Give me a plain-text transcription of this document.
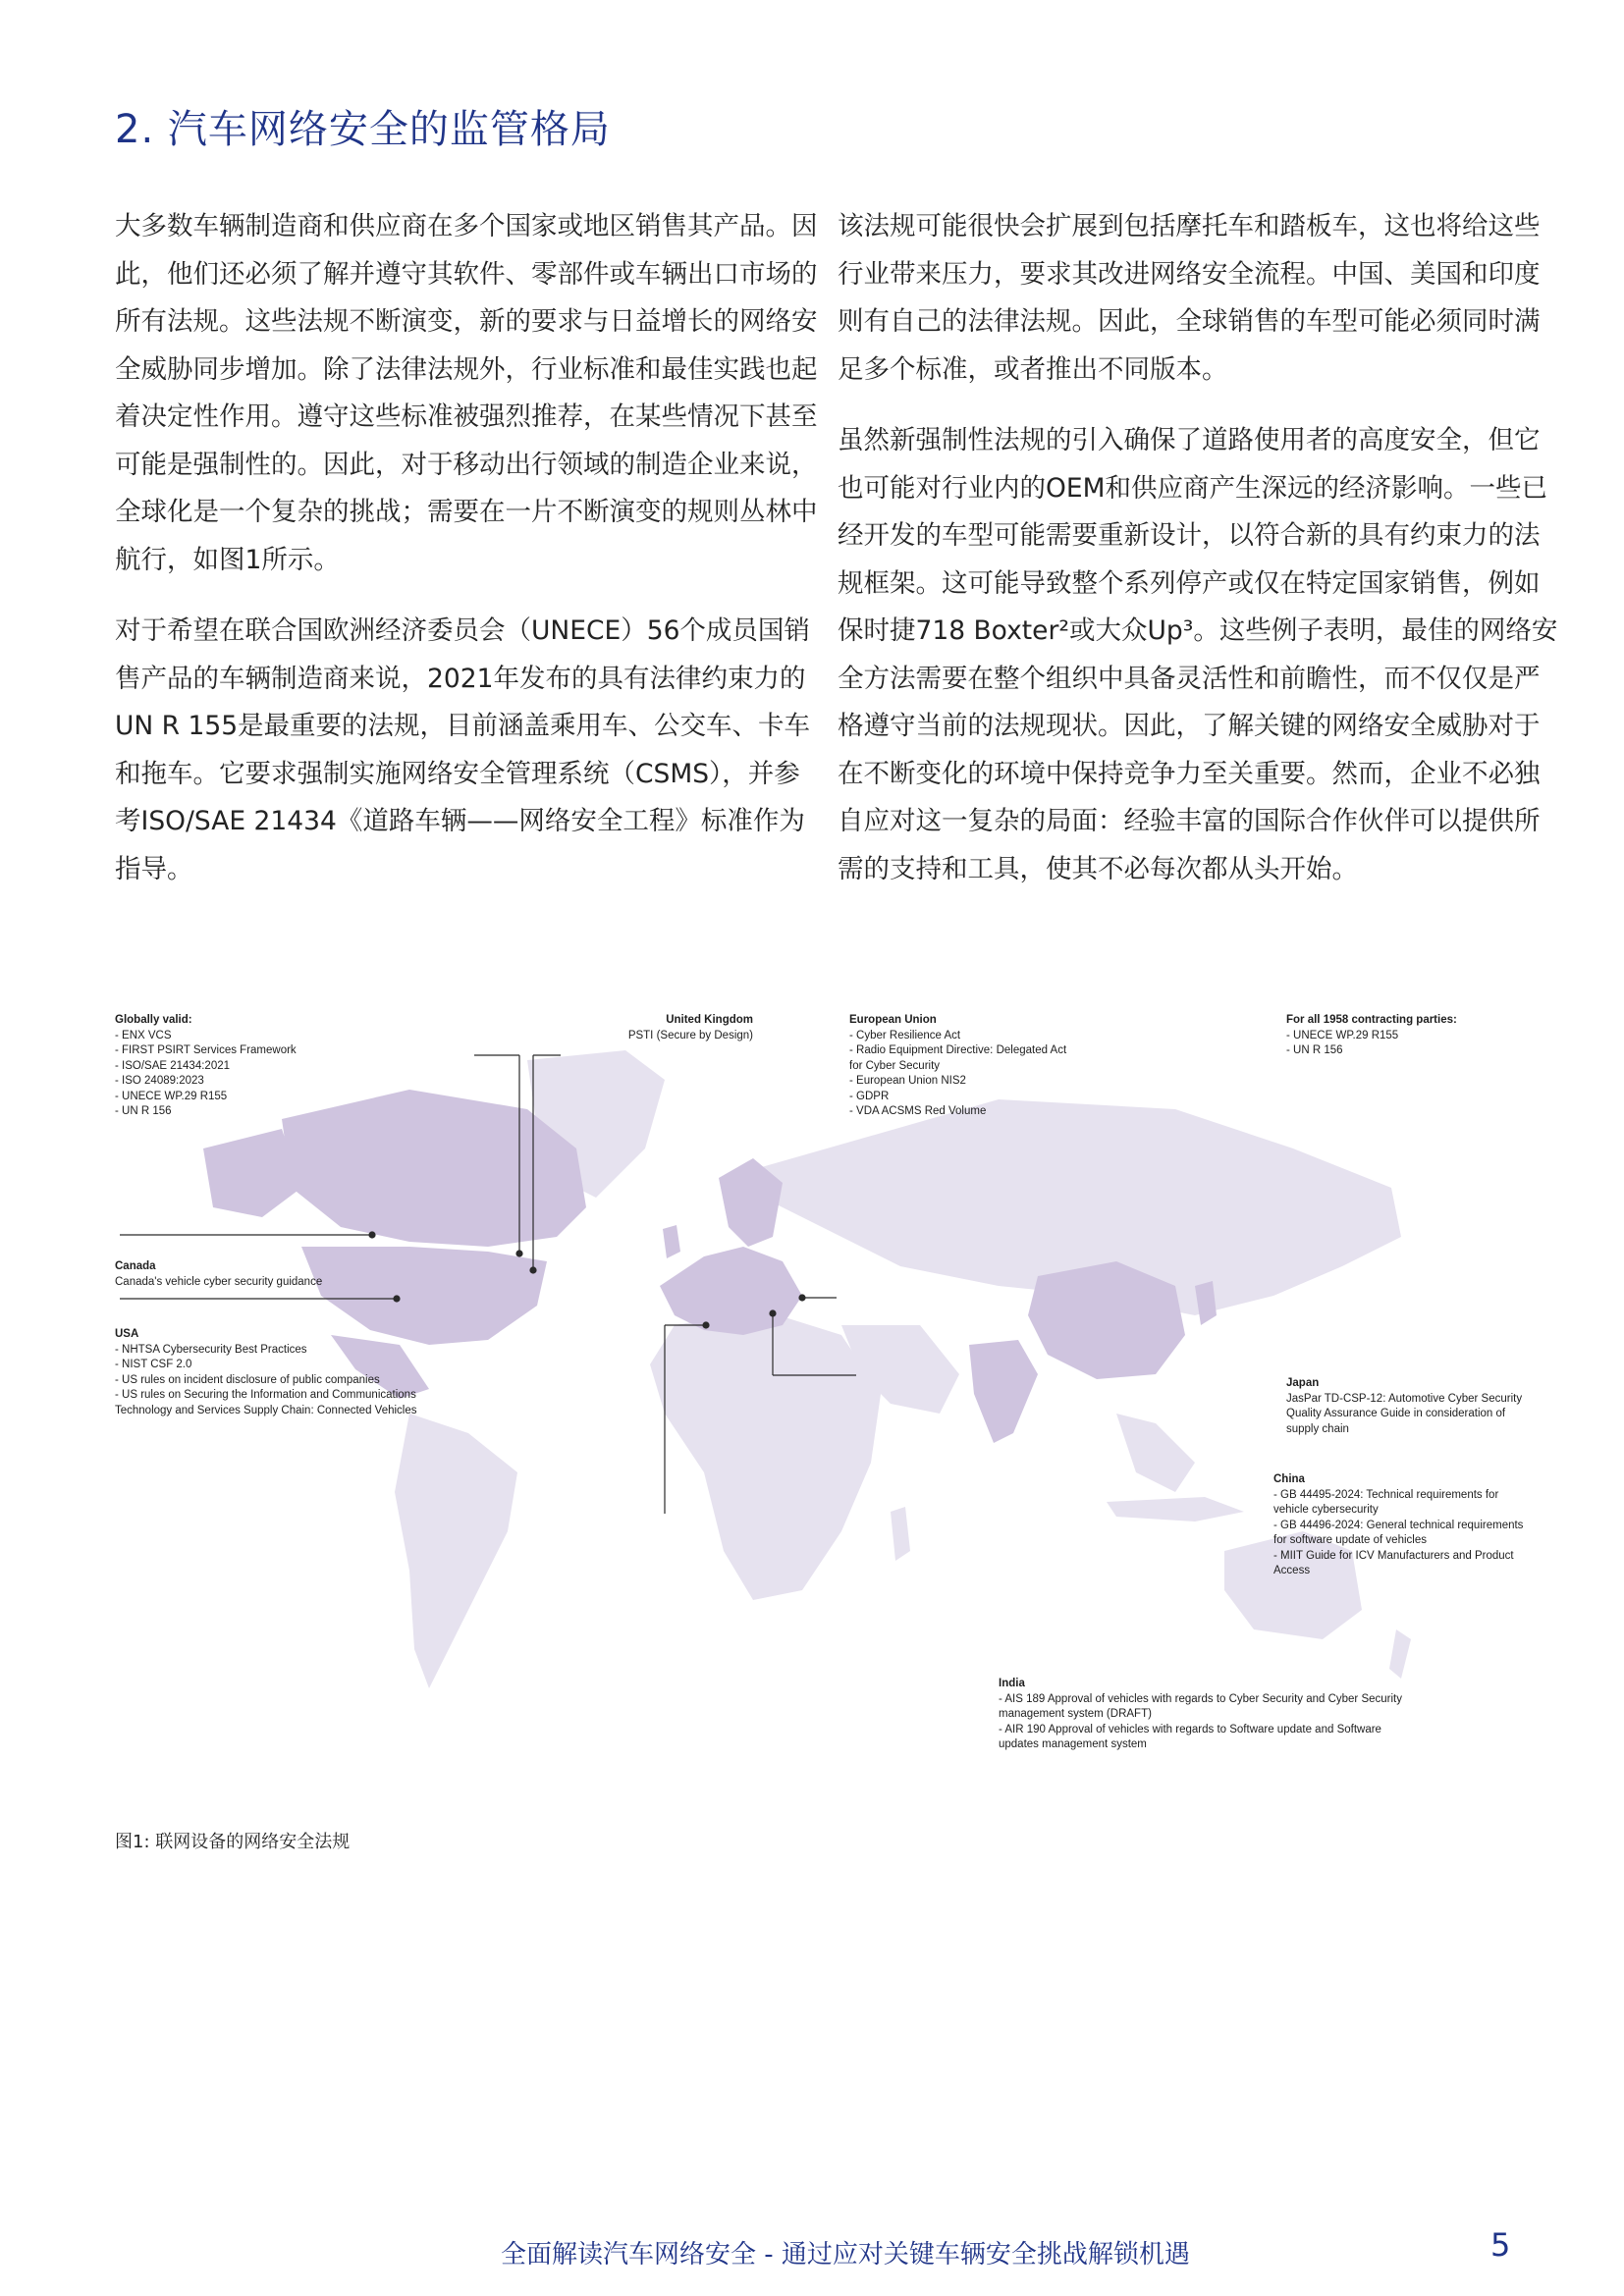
2. 汽车网络安全的监管格局

大多数车辆制造商和供应商在多个国家或地区销售其产品。因此，他们还必须了解并遵守其软件、零部件或车辆出口市场的所有法规。这些法规不断演变，新的要求与日益增长的网络安全威胁同步增加。除了法律法规外，行业标准和最佳实践也起着决定性作用。遵守这些标准被强烈推荐，在某些情况下甚至可能是强制性的。因此，对于移动出行领域的制造企业来说，全球化是一个复杂的挑战；需要在一片不断演变的规则丛林中航行，如图1所示。

对于希望在联合国欧洲经济委员会（UNECE）56个成员国销售产品的车辆制造商来说，2021年发布的具有法律约束力的UN R 155是最重要的法规，目前涵盖乘用车、公交车、卡车和拖车。它要求强制实施网络安全管理系统（CSMS），并参考ISO/SAE 21434《道路车辆——网络安全工程》标准作为指导。

该法规可能很快会扩展到包括摩托车和踏板车，这也将给这些行业带来压力，要求其改进网络安全流程。中国、美国和印度则有自己的法律法规。因此，全球销售的车型可能必须同时满足多个标准，或者推出不同版本。

虽然新强制性法规的引入确保了道路使用者的高度安全，但它也可能对行业内的OEM和供应商产生深远的经济影响。一些已经开发的车型可能需要重新设计，以符合新的具有约束力的法规框架。这可能导致整个系列停产或仅在特定国家销售，例如保时捷718 Boxter²或大众Up³。这些例子表明，最佳的网络安全方法需要在整个组织中具备灵活性和前瞻性，而不仅仅是严格遵守当前的法规现状。因此，了解关键的网络安全威胁对于在不断变化的环境中保持竞争力至关重要。然而，企业不必独自应对这一复杂的局面：经验丰富的国际合作伙伴可以提供所需的支持和工具，使其不必每次都从头开始。

Globally valid:
- ENX VCS
- FIRST PSIRT Services Framework
- ISO/SAE 21434:2021
- ISO 24089:2023
- UNECE WP.29 R155
- UN R 156
United Kingdom
PSTI (Secure by Design)
European Union
- Cyber Resilience Act
- Radio Equipment Directive: Delegated Act for Cyber Security
- European Union NIS2
- GDPR
- VDA ACSMS Red Volume
For all 1958 contracting parties:
- UNECE WP.29 R155
- UN R 156
Canada
Canada's vehicle cyber security guidance
USA
- NHTSA Cybersecurity Best Practices
- NIST CSF 2.0
- US rules on incident disclosure of public companies
- US rules on Securing the Information and Communications Technology and Services Supply Chain: Connected Vehicles
Japan
JasPar TD-CSP-12: Automotive Cyber Security Quality Assurance Guide in consideration of supply chain
China
- GB 44495-2024: Technical requirements for vehicle cybersecurity
- GB 44496-2024: General technical requirements for software update of vehicles
- MIIT Guide for ICV Manufacturers and Product Access
India
- AIS 189 Approval of vehicles with regards to Cyber Security and Cyber Security management system (DRAFT)
- AIR 190 Approval of vehicles with regards to Software update and Software updates management system
图1: 联网设备的网络安全法规
全面解读汽车网络安全 - 通过应对关键车辆安全挑战解锁机遇	5
